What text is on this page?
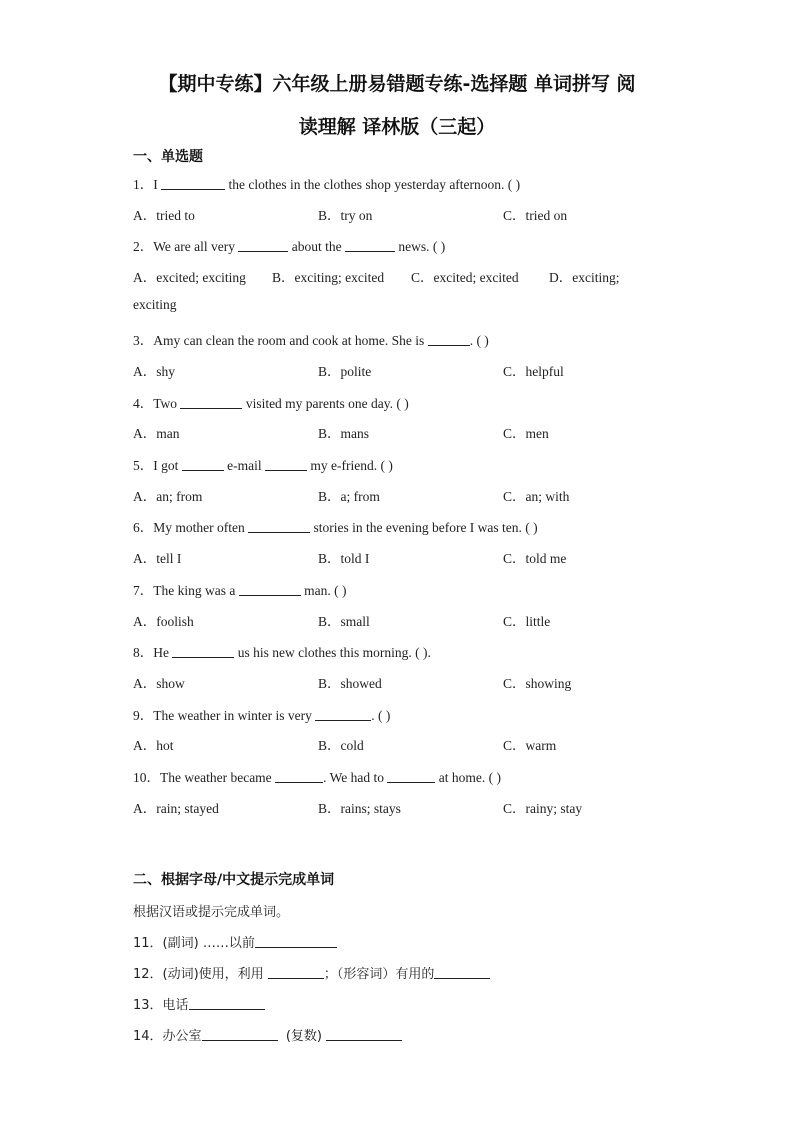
【期中专练】六年级上册易错题专练-选择题 单词拼写 阅
读理解 译林版（三起）
一、单选题
1．I	the clothes in the clothes shop yesterday afternoon. ( )
A．tried to	B．try on	C．tried on
2．We are all very	about the	news. ( )
A．excited; exciting B．exciting; excited C．excited; excited D．exciting;
exciting
3．Amy can clean the room and cook at home. She is	. ( )
A．shy	B．polite	C．helpful
4．Two	visited my parents one day. ( )
A．man	B．mans	C．men
5．I got	e-mail	my e-friend. ( )
A．an; from	B．a; from	C．an; with
6．My mother often	stories in the evening before I was ten. ( )
A．tell I	B．told I	C．told me
7．The king was a	man. ( )
A．foolish	B．small	C．little
8．He	us his new clothes this morning. ( ).
A．show	B．showed	C．showing
9．The weather in winter is very	. ( )
A．hot	B．cold	C．warm
10．The weather became	. We had to	at home. ( )
A．rain; stayed	B．rains; stays	C．rainy; stay
二、根据字母/中文提示完成单词
根据汉语或提示完成单词。
11．(副词) ……以前
12．(动词)使用，利用	；（形容词）有用的
13．电话
14．办公室	(复数)
